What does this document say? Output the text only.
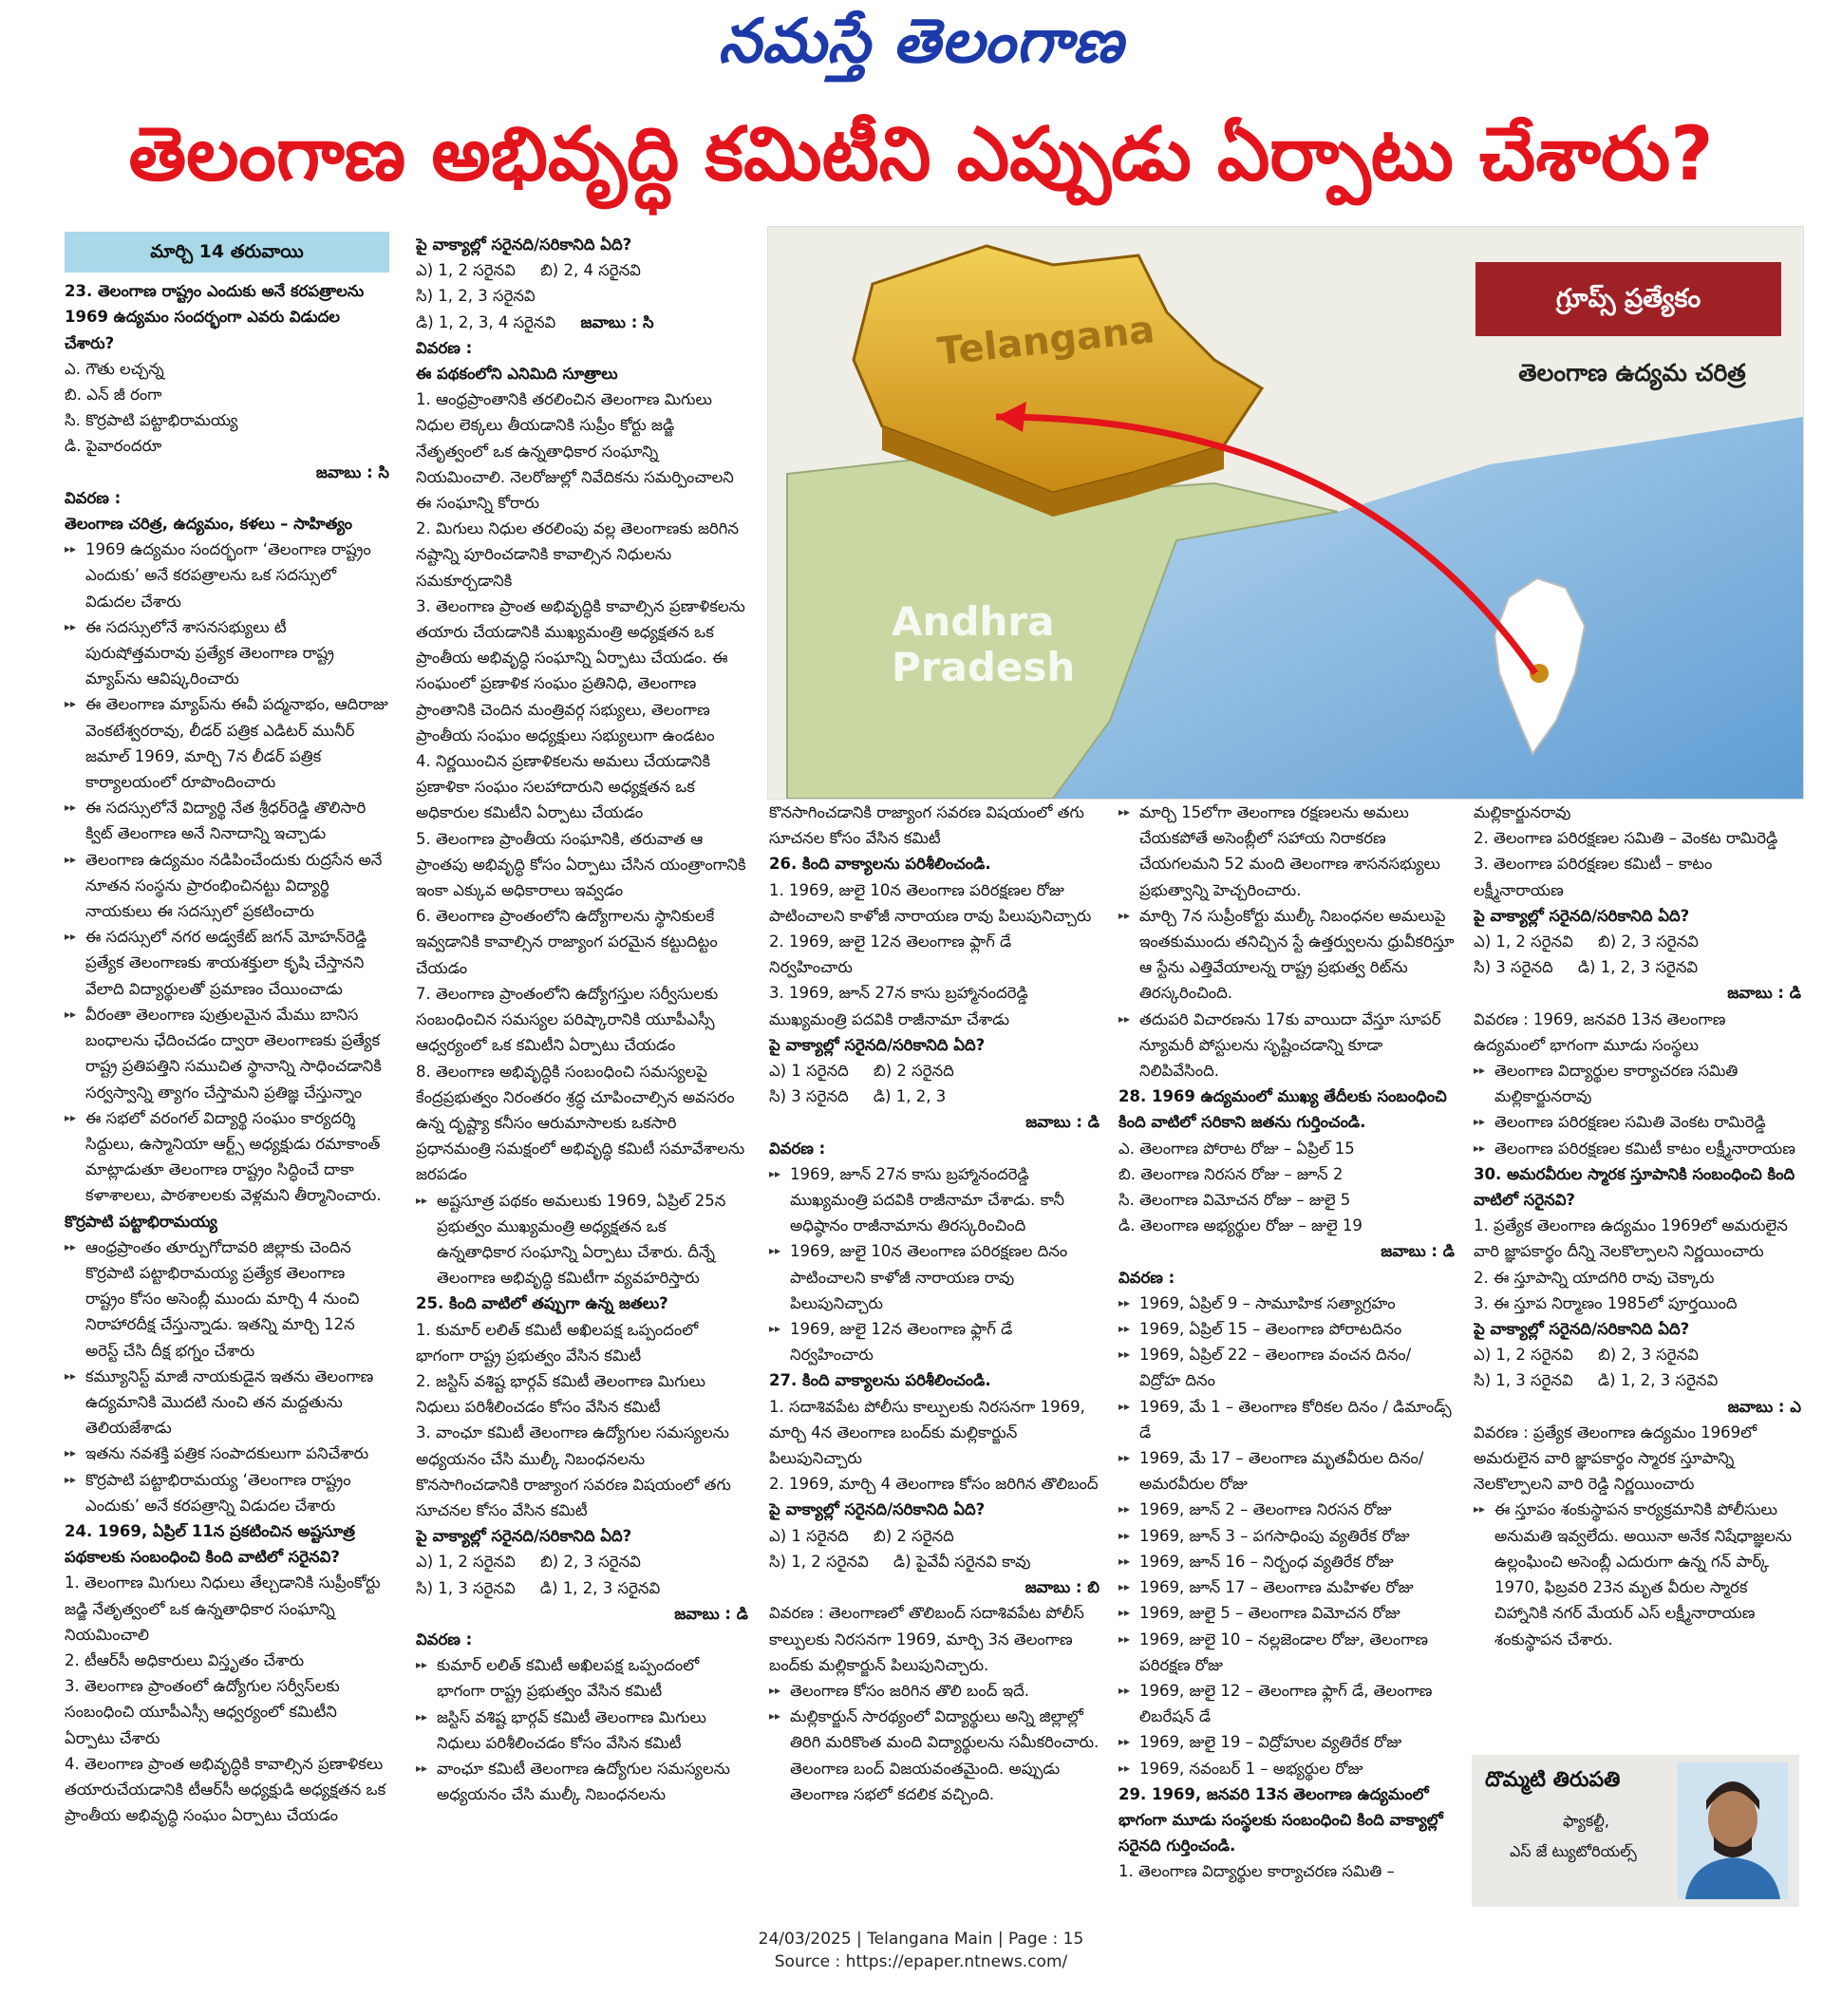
నమస్తే తెలంగాణ
తెలంగాణ అభివృద్ధి కమిటీని ఎప్పుడు ఏర్పాటు చేశారు?
మార్చి 14 తరువాయి

23. తెలంగాణ రాష్ట్రం ఎందుకు అనే కరపత్రాలను 1969 ఉద్యమం సందర్భంగా ఎవరు విడుదల చేశారు?

ఎ. గౌతు లచ్చన్న

బి. ఎన్ జీ రంగా

సి. కొర్రపాటి పట్టాభిరామయ్య

డి. పైవారందరూ

జవాబు : సి

వివరణ :

తెలంగాణ చరిత్ర, ఉద్యమం, కళలు – సాహిత్యం

▸▸ 1969 ఉద్యమం సందర్భంగా ‘తెలంగాణ రాష్ట్రం ఎందుకు’ అనే కరపత్రాలను ఒక సదస్సులో విడుదల చేశారు

▸▸ ఈ సదస్సులోనే శాసనసభ్యులు టీ పురుషోత్తమరావు ప్రత్యేక తెలంగాణ రాష్ట్ర మ్యాప్‌ను ఆవిష్కరించారు

▸▸ ఈ తెలంగాణ మ్యాప్‌ను ఈవీ పద్మనాభం, ఆదిరాజు వెంకటేశ్వరరావు, లీడర్ పత్రిక ఎడిటర్ మునీర్ జమాల్ 1969, మార్చి 7న లీడర్ పత్రిక కార్యాలయంలో రూపొందించారు

▸▸ ఈ సదస్సులోనే విద్యార్థి నేత శ్రీధర్‌రెడ్డి తొలిసారి క్విట్ తెలంగాణ అనే నినాదాన్ని ఇచ్చాడు

▸▸ తెలంగాణ ఉద్యమం నడిపించేందుకు రుద్రసేన అనే నూతన సంస్థను ప్రారంభించినట్టు విద్యార్థి నాయకులు ఈ సదస్సులో ప్రకటించారు

▸▸ ఈ సదస్సులో నగర అడ్వకేట్ జగన్ మోహన్‌రెడ్డి ప్రత్యేక తెలంగాణకు శాయశక్తులా కృషి చేస్తానని వేలాది విద్యార్థులతో ప్రమాణం చేయించాడు

▸▸ వీరంతా తెలంగాణ పుత్రులమైన మేము బానిస బంధాలను ఛేదించడం ద్వారా తెలంగాణకు ప్రత్యేక రాష్ట్ర ప్రతిపత్తిని సముచిత స్థానాన్ని సాధించడానికి సర్వస్వాన్ని త్యాగం చేస్తామని ప్రతిజ్ఞ చేస్తున్నాం

▸▸ ఈ సభలో వరంగల్ విద్యార్థి సంఘం కార్యదర్శి సిద్దులు, ఉస్మానియా ఆర్ట్స్ అధ్యక్షుడు రమాకాంత్ మాట్లాడుతూ తెలంగాణ రాష్ట్రం సిద్ధించే దాకా కళాశాలలు, పాఠశాలలకు వెళ్లమని తీర్మానించారు.

కొర్రపాటి పట్టాభిరామయ్య

▸▸ ఆంధ్రప్రాంతం తూర్పుగోదావరి జిల్లాకు చెందిన కొర్రపాటి పట్టాభిరామయ్య ప్రత్యేక తెలంగాణ రాష్ట్రం కోసం అసెంబ్లీ ముందు మార్చి 4 నుంచి నిరాహారదీక్ష చేస్తున్నాడు. ఇతన్ని మార్చి 12న అరెస్ట్ చేసి దీక్ష భగ్నం చేశారు

▸▸ కమ్యూనిస్ట్ మాజీ నాయకుడైన ఇతను తెలంగాణ ఉద్యమానికి మొదటి నుంచి తన మద్దతును తెలియజేశాడు

▸▸ ఇతను నవశక్తి పత్రిక సంపాదకులుగా పనిచేశారు

▸▸ కొర్రపాటి పట్టాభిరామయ్య ‘తెలంగాణ రాష్ట్రం ఎందుకు’ అనే కరపత్రాన్ని విడుదల చేశారు

24. 1969, ఏప్రిల్ 11న ప్రకటించిన అష్టసూత్ర పథకాలకు సంబంధించి కింది వాటిలో సరైనవి?

1. తెలంగాణ మిగులు నిధులు తేల్చడానికి సుప్రీంకోర్టు జడ్జి నేతృత్వంలో ఒక ఉన్నతాధికార సంఘాన్ని నియమించాలి

2. టీఆర్‌సీ అధికారులు విస్తృతం చేశారు

3. తెలంగాణ ప్రాంతంలో ఉద్యోగుల సర్వీస్‌లకు సంబంధించి యూపీఎస్సీ ఆధ్వర్యంలో కమిటీని ఏర్పాటు చేశారు

4. తెలంగాణ ప్రాంత అభివృద్ధికి కావాల్సిన ప్రణాళికలు తయారుచేయడానికి టీఆర్‌సీ అధ్యక్షుడి అధ్యక్షతన ఒక ప్రాంతీయ అభివృద్ధి సంఘం ఏర్పాటు చేయడం

పై వాక్యాల్లో సరైనది/సరికానిది ఏది?

ఎ) 1, 2 సరైనవి బి) 2, 4 సరైనవి

సి) 1, 2, 3 సరైనవి

డి) 1, 2, 3, 4 సరైనవి జవాబు : సి

వివరణ :

ఈ పథకంలోని ఎనిమిది సూత్రాలు

1. ఆంధ్రప్రాంతానికి తరలించిన తెలంగాణ మిగులు నిధుల లెక్కలు తీయడానికి సుప్రీం కోర్టు జడ్జి నేతృత్వంలో ఒక ఉన్నతాధికార సంఘాన్ని నియమించాలి. నెలరోజుల్లో నివేదికను సమర్పించాలని ఈ సంఘాన్ని కోరారు

2. మిగులు నిధుల తరలింపు వల్ల తెలంగాణకు జరిగిన నష్టాన్ని పూరించడానికి కావాల్సిన నిధులను సమకూర్చడానికి

3. తెలంగాణ ప్రాంత అభివృద్ధికి కావాల్సిన ప్రణాళికలను తయారు చేయడానికి ముఖ్యమంత్రి అధ్యక్షతన ఒక ప్రాంతీయ అభివృద్ధి సంఘాన్ని ఏర్పాటు చేయడం. ఈ సంఘంలో ప్రణాళిక సంఘం ప్రతినిధి, తెలంగాణ ప్రాంతానికి చెందిన మంత్రివర్గ సభ్యులు, తెలంగాణ ప్రాంతీయ సంఘం అధ్యక్షులు సభ్యులుగా ఉండటం

4. నిర్ణయించిన ప్రణాళికలను అమలు చేయడానికి ప్రణాళికా సంఘం సలహాదారుని అధ్యక్షతన ఒక అధికారుల కమిటీని ఏర్పాటు చేయడం

5. తెలంగాణ ప్రాంతీయ సంఘానికి, తరువాత ఆ ప్రాంతపు అభివృద్ధి కోసం ఏర్పాటు చేసిన యంత్రాంగానికి ఇంకా ఎక్కువ అధికారాలు ఇవ్వడం

6. తెలంగాణ ప్రాంతంలోని ఉద్యోగాలను స్థానికులకే ఇవ్వడానికి కావాల్సిన రాజ్యాంగ పరమైన కట్టుదిట్టం చేయడం

7. తెలంగాణ ప్రాంతంలోని ఉద్యోగస్తుల సర్వీసులకు సంబంధించిన సమస్యల పరిష్కారానికి యూపీఎస్సీ ఆధ్వర్యంలో ఒక కమిటీని ఏర్పాటు చేయడం

8. తెలంగాణ అభివృద్ధికి సంబంధించి సమస్యలపై కేంద్రప్రభుత్వం నిరంతరం శ్రద్ధ చూపించాల్సిన అవసరం ఉన్న దృష్ట్యా కనీసం ఆరుమాసాలకు ఒకసారి ప్రధానమంత్రి సమక్షంలో అభివృద్ధి కమిటీ సమావేశాలను జరపడం

▸▸ అష్టసూత్ర పథకం అమలుకు 1969, ఏప్రిల్ 25న ప్రభుత్వం ముఖ్యమంత్రి అధ్యక్షతన ఒక ఉన్నతాధికార సంఘాన్ని ఏర్పాటు చేశారు. దీన్నే తెలంగాణ అభివృద్ధి కమిటీగా వ్యవహరిస్తారు

25. కింది వాటిలో తప్పుగా ఉన్న జతలు?

1. కుమార్ లలిత్ కమిటీ అఖిలపక్ష ఒప్పందంలో భాగంగా రాష్ట్ర ప్రభుత్వం వేసిన కమిటీ

2. జస్టిస్ వశిష్ట భార్గవ్ కమిటీ తెలంగాణ మిగులు నిధులు పరిశీలించడం కోసం వేసిన కమిటీ

3. వాంఛూ కమిటీ తెలంగాణ ఉద్యోగుల సమస్యలను అధ్యయనం చేసి ముల్కీ నిబంధనలను కొనసాగించడానికి రాజ్యాంగ సవరణ విషయంలో తగు సూచనల కోసం వేసిన కమిటీ

పై వాక్యాల్లో సరైనది/సరికానిది ఏది?

ఎ) 1, 2 సరైనవి బి) 2, 3 సరైనవి

సి) 1, 3 సరైనవి డి) 1, 2, 3 సరైనవి

జవాబు : డి

వివరణ :

▸▸ కుమార్ లలిత్ కమిటీ అఖిలపక్ష ఒప్పందంలో భాగంగా రాష్ట్ర ప్రభుత్వం వేసిన కమిటీ

▸▸ జస్టిస్ వశిష్ట భార్గవ్ కమిటీ తెలంగాణ మిగులు నిధులు పరిశీలించడం కోసం వేసిన కమిటీ

▸▸ వాంఛూ కమిటీ తెలంగాణ ఉద్యోగుల సమస్యలను అధ్యయనం చేసి ముల్కీ నిబంధనలను

Telangana
Andhra
Pradesh
గ్రూప్స్ ప్రత్యేకం
తెలంగాణ ఉద్యమ చరిత్ర

కొనసాగించడానికి రాజ్యాంగ సవరణ విషయంలో తగు సూచనల కోసం వేసిన కమిటీ

26. కింది వాక్యాలను పరిశీలించండి.

1. 1969, జులై 10న తెలంగాణ పరిరక్షణల రోజు పాటించాలని కాళోజీ నారాయణ రావు పిలుపునిచ్చారు

2. 1969, జులై 12న తెలంగాణ ఫ్లాగ్ డే నిర్వహించారు

3. 1969, జూన్ 27న కాసు బ్రహ్మానందరెడ్డి ముఖ్యమంత్రి పదవికి రాజీనామా చేశాడు

పై వాక్యాల్లో సరైనది/సరికానిది ఏది?

ఎ) 1 సరైనది బి) 2 సరైనది

సి) 3 సరైనది డి) 1, 2, 3

జవాబు : డి

వివరణ :

▸▸ 1969, జూన్ 27న కాసు బ్రహ్మానందరెడ్డి ముఖ్యమంత్రి పదవికి రాజీనామా చేశాడు. కానీ అధిష్ఠానం రాజీనామాను తిరస్కరించింది

▸▸ 1969, జులై 10న తెలంగాణ పరిరక్షణల దినం పాటించాలని కాళోజీ నారాయణ రావు పిలుపునిచ్చారు

▸▸ 1969, జులై 12న తెలంగాణ ఫ్లాగ్ డే నిర్వహించారు

27. కింది వాక్యాలను పరిశీలించండి.

1. సదాశివపేట పోలీసు కాల్పులకు నిరసనగా 1969, మార్చి 4న తెలంగాణ బంద్‌కు మల్లికార్జున్ పిలుపునిచ్చారు

2. 1969, మార్చి 4 తెలంగాణ కోసం జరిగిన తొలిబంద్

పై వాక్యాల్లో సరైనది/సరికానిది ఏది?

ఎ) 1 సరైనది బి) 2 సరైనది

సి) 1, 2 సరైనవి డి) పైవేవీ సరైనవి కావు

జవాబు : బి

వివరణ : తెలంగాణలో తొలిబంద్ సదాశివపేట పోలీస్ కాల్పులకు నిరసనగా 1969, మార్చి 3న తెలంగాణ బంద్‌కు మల్లికార్జున్ పిలుపునిచ్చారు.

▸▸ తెలంగాణ కోసం జరిగిన తొలి బంద్ ఇదే.

▸▸ మల్లికార్జున్ సారథ్యంలో విద్యార్థులు అన్ని జిల్లాల్లో తిరిగి మరికొంత మంది విద్యార్థులను సమీకరించారు. తెలంగాణ బంద్ విజయవంతమైంది. అప్పుడు తెలంగాణ సభలో కదలిక వచ్చింది.

▸▸ మార్చి 15లోగా తెలంగాణ రక్షణలను అమలు చేయకపోతే అసెంబ్లీలో సహాయ నిరాకరణ చేయగలమని 52 మంది తెలంగాణ శాసనసభ్యులు ప్రభుత్వాన్ని హెచ్చరించారు.

▸▸ మార్చి 7న సుప్రీంకోర్టు ముల్కీ నిబంధనల అమలుపై ఇంతకుముందు తనిచ్చిన స్టే ఉత్తర్వులను ధ్రువీకరిస్తూ ఆ స్టేను ఎత్తివేయాలన్న రాష్ట్ర ప్రభుత్వ రిట్‌ను తిరస్కరించింది.

▸▸ తదుపరి విచారణను 17కు వాయిదా వేస్తూ సూపర్ న్యూమరీ పోస్టులను సృష్టించడాన్ని కూడా నిలిపివేసింది.

28. 1969 ఉద్యమంలో ముఖ్య తేదీలకు సంబంధించి కింది వాటిలో సరికాని జతను గుర్తించండి.

ఎ. తెలంగాణ పోరాట రోజు – ఏప్రిల్ 15

బి. తెలంగాణ నిరసన రోజు – జూన్ 2

సి. తెలంగాణ విమోచన రోజు – జులై 5

డి. తెలంగాణ అభ్యర్థుల రోజు – జులై 19

జవాబు : డి

వివరణ :

▸▸ 1969, ఏప్రిల్ 9 – సామూహిక సత్యాగ్రహం

▸▸ 1969, ఏప్రిల్ 15 – తెలంగాణ పోరాటదినం

▸▸ 1969, ఏప్రిల్ 22 – తెలంగాణ వంచన దినం/ విద్రోహ దినం

▸▸ 1969, మే 1 – తెలంగాణ కోరికల దినం / డిమాండ్స్ డే

▸▸ 1969, మే 17 – తెలంగాణ మృతవీరుల దినం/ అమరవీరుల రోజు

▸▸ 1969, జూన్ 2 – తెలంగాణ నిరసన రోజు

▸▸ 1969, జూన్ 3 – పగసాధింపు వ్యతిరేక రోజు

▸▸ 1969, జూన్ 16 – నిర్బంధ వ్యతిరేక రోజు

▸▸ 1969, జూన్ 17 – తెలంగాణ మహిళల రోజు

▸▸ 1969, జులై 5 – తెలంగాణ విమోచన రోజు

▸▸ 1969, జులై 10 – నల్లజెండాల రోజు, తెలంగాణ పరిరక్షణ రోజు

▸▸ 1969, జులై 12 – తెలంగాణ ఫ్లాగ్ డే, తెలంగాణ లిబరేషన్ డే

▸▸ 1969, జులై 19 – విద్రోహుల వ్యతిరేక రోజు

▸▸ 1969, నవంబర్ 1 – అభ్యర్థుల రోజు

29. 1969, జనవరి 13న తెలంగాణ ఉద్యమంలో భాగంగా మూడు సంస్థలకు సంబంధించి కింది వాక్యాల్లో సరైనది గుర్తించండి.

1. తెలంగాణ విద్యార్థుల కార్యాచరణ సమితి –

మల్లికార్జునరావు

2. తెలంగాణ పరిరక్షణల సమితి – వెంకట రామిరెడ్డి

3. తెలంగాణ పరిరక్షణల కమిటీ – కాటం లక్ష్మీనారాయణ

పై వాక్యాల్లో సరైనది/సరికానిది ఏది?

ఎ) 1, 2 సరైనవి బి) 2, 3 సరైనవి

సి) 3 సరైనది డి) 1, 2, 3 సరైనవి

జవాబు : డి

వివరణ : 1969, జనవరి 13న తెలంగాణ ఉద్యమంలో భాగంగా మూడు సంస్థలు

▸▸ తెలంగాణ విద్యార్థుల కార్యాచరణ సమితి మల్లికార్జునరావు

▸▸ తెలంగాణ పరిరక్షణల సమితి వెంకట రామిరెడ్డి

▸▸ తెలంగాణ పరిరక్షణల కమిటీ కాటం లక్ష్మీనారాయణ

30. అమరవీరుల స్మారక స్తూపానికి సంబంధించి కింది వాటిలో సరైనవి?

1. ప్రత్యేక తెలంగాణ ఉద్యమం 1969లో అమరులైన వారి జ్ఞాపకార్థం దీన్ని నెలకొల్పాలని నిర్ణయించారు

2. ఈ స్తూపాన్ని యాదగిరి రావు చెక్కారు

3. ఈ స్తూప నిర్మాణం 1985లో పూర్తయింది

పై వాక్యాల్లో సరైనది/సరికానిది ఏది?

ఎ) 1, 2 సరైనవి బి) 2, 3 సరైనవి

సి) 1, 3 సరైనవి డి) 1, 2, 3 సరైనవి

జవాబు : ఎ

వివరణ : ప్రత్యేక తెలంగాణ ఉద్యమం 1969లో అమరులైన వారి జ్ఞాపకార్థం స్మారక స్తూపాన్ని నెలకొల్పాలని వారి రెడ్డి నిర్ణయించారు

▸▸ ఈ స్తూపం శంకుస్థాపన కార్యక్రమానికి పోలీసులు అనుమతి ఇవ్వలేదు. అయినా అనేక నిషేధాజ్ఞలను ఉల్లంఘించి అసెంబ్లీ ఎదురుగా ఉన్న గన్ పార్క్ 1970, ఫిబ్రవరి 23న మృత వీరుల స్మారక చిహ్నానికి నగర్ మేయర్ ఎస్ లక్ష్మీనారాయణ శంకుస్థాపన చేశారు.

దొమ్మటి తిరుపతి
ఫ్యాకల్టీ,
ఎస్ జే ట్యుటోరియల్స్
24/03/2025 | Telangana Main | Page : 15
Source : https://epaper.ntnews.com/
